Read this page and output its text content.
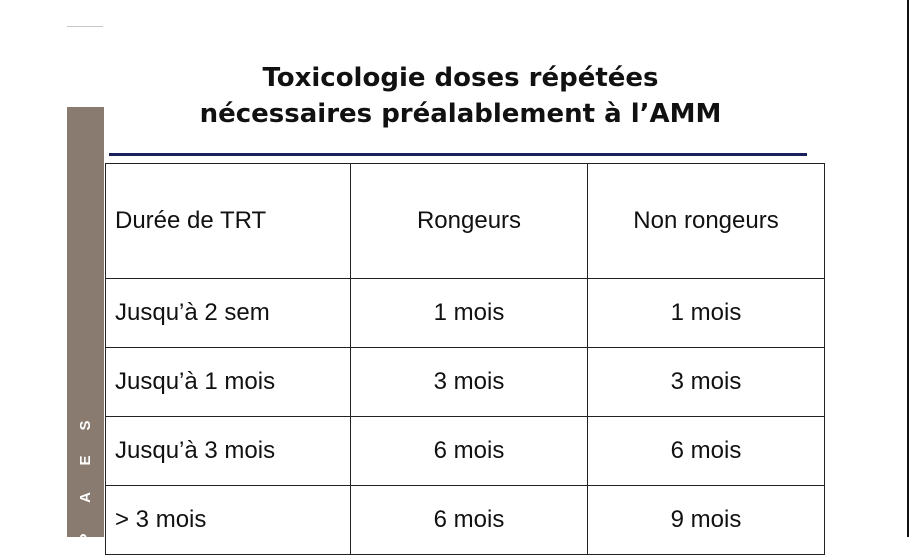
P
A
E
S
Toxicologie doses répétées
nécessaires préalablement à l’AMM
Durée de TRT	Rongeurs	Non rongeurs
Jusqu’à 2 sem	1 mois	1 mois
Jusqu’à 1 mois	3 mois	3 mois
Jusqu’à 3 mois	6 mois	6 mois
> 3 mois	6 mois	9 mois
